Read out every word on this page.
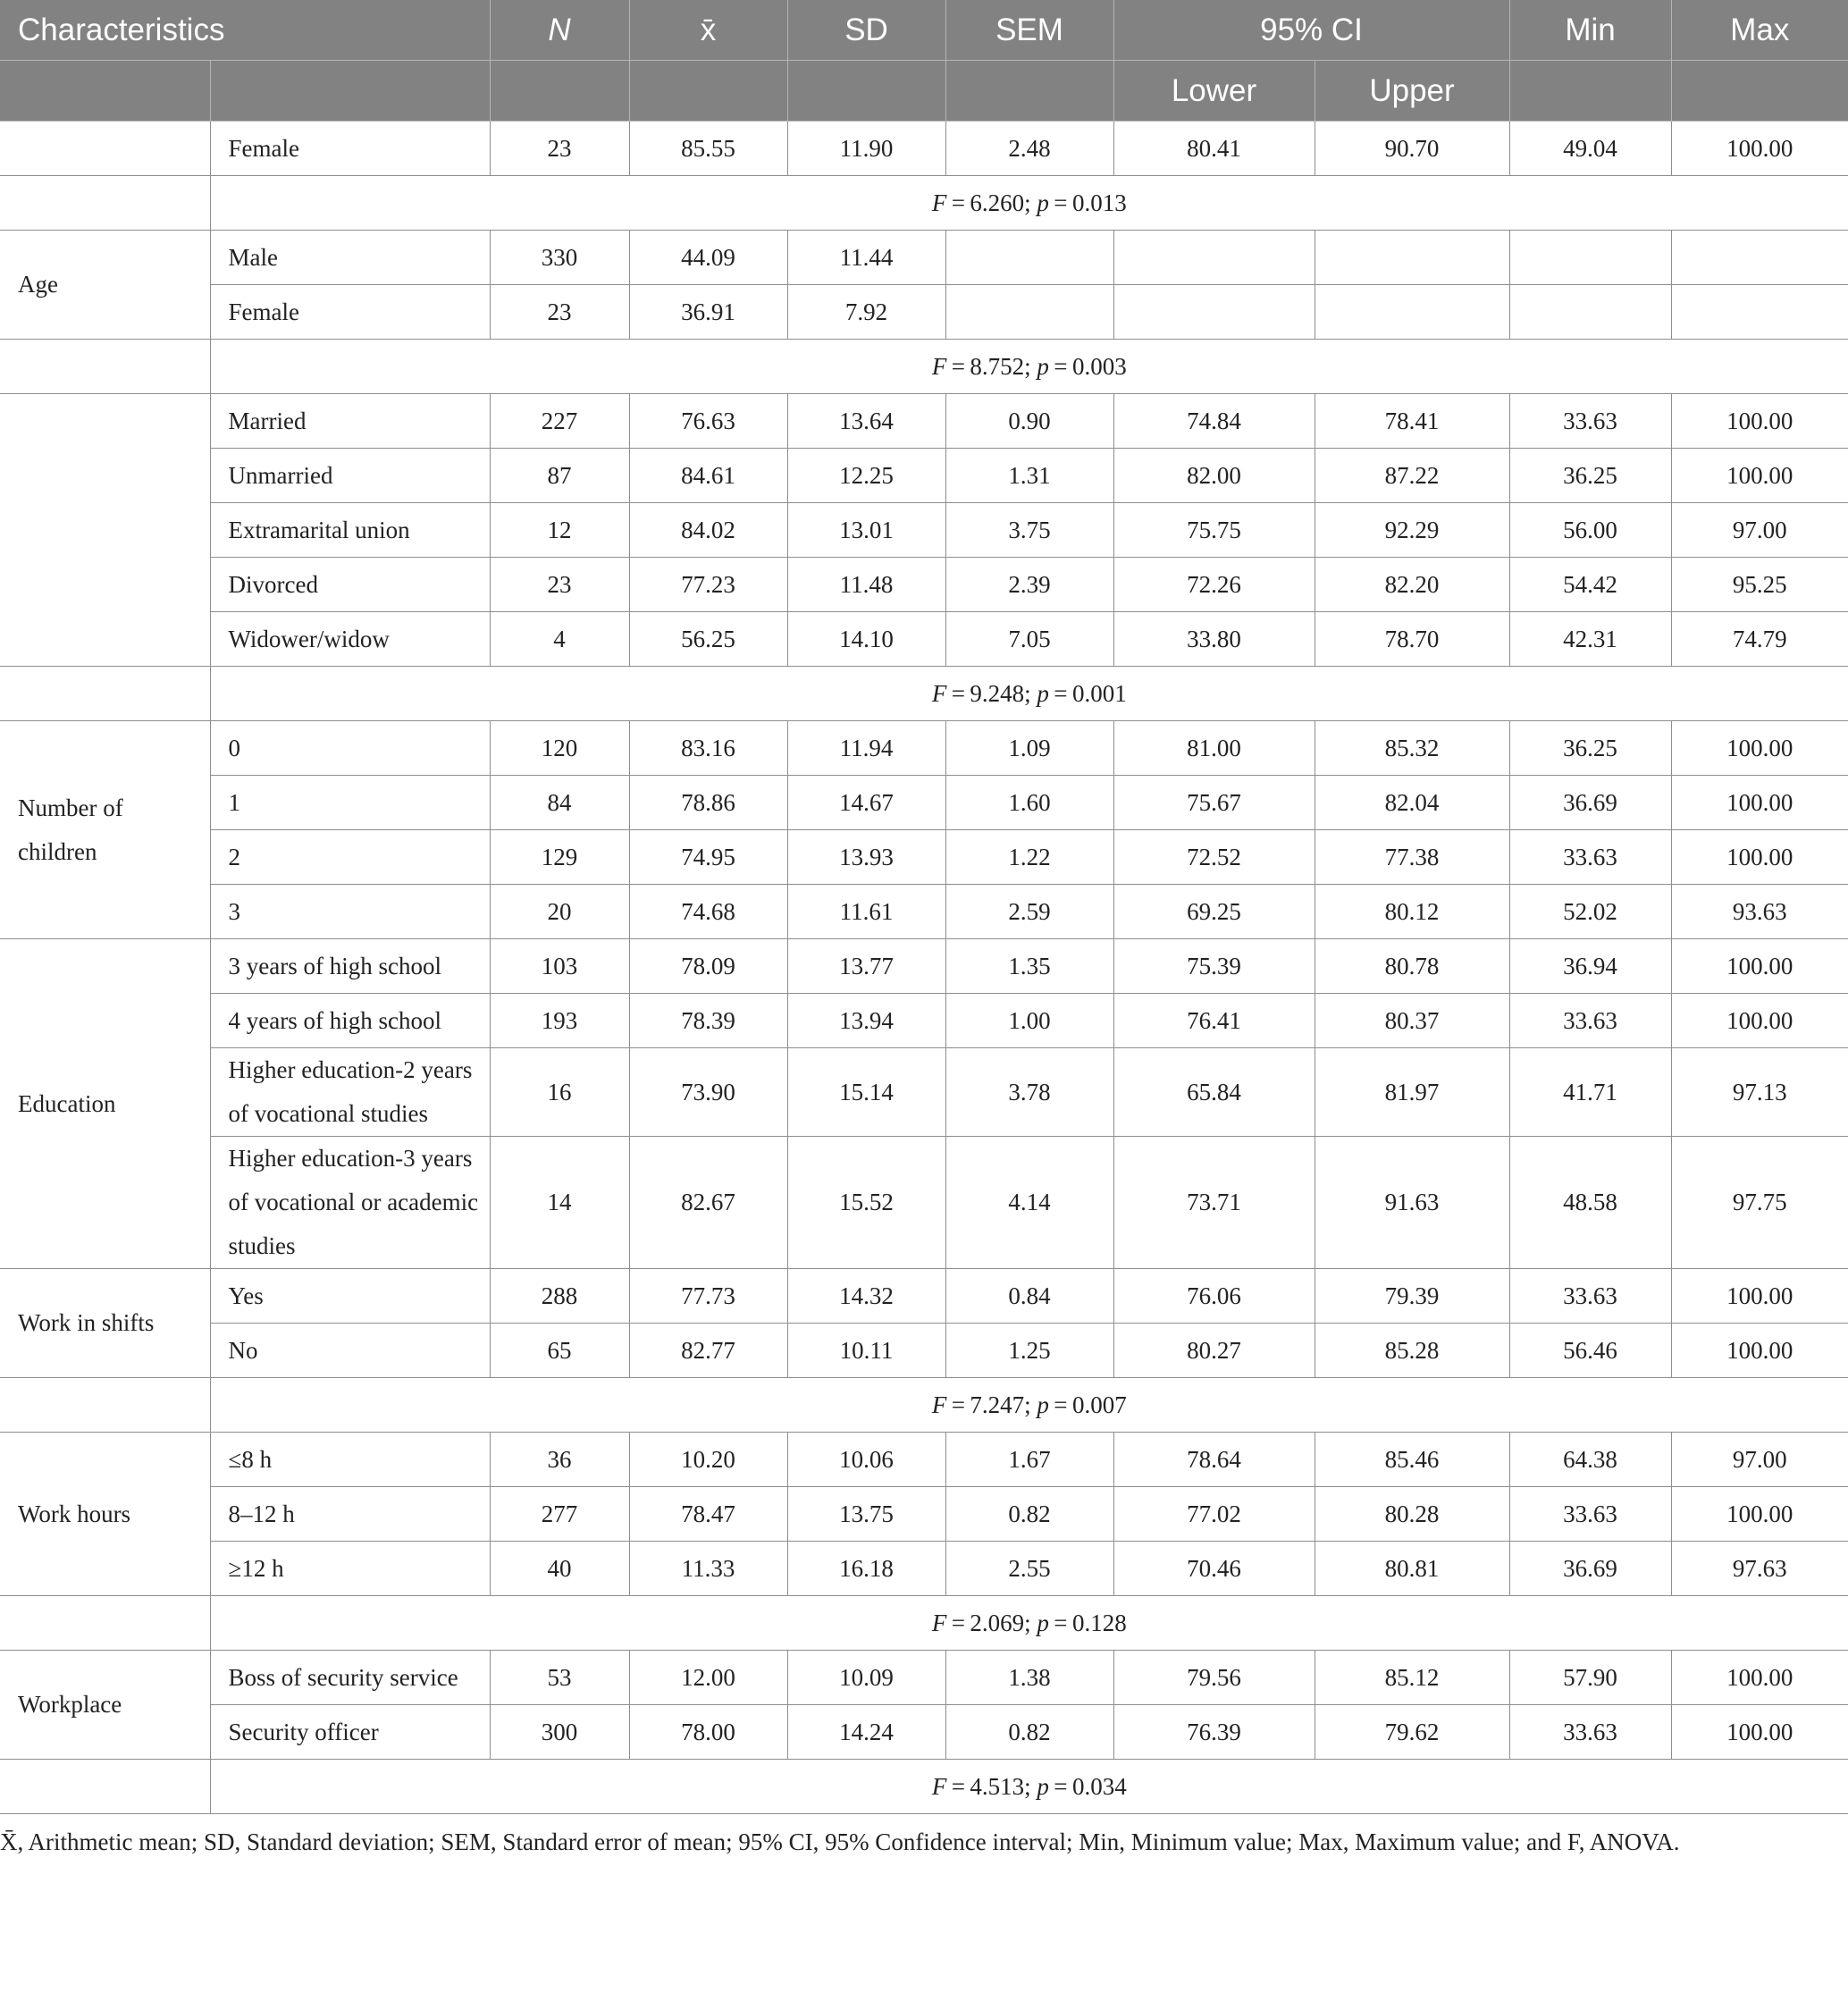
Characteristics		N	x̄	SD	SEM	95% CI		Min	Max
						Lower	Upper		
	Female	23	85.55	11.90	2.48	80.41	90.70	49.04	100.00
	F = 6.260; p = 0.013								
Age	Male	330	44.09	11.44					
	Female	23	36.91	7.92					
	F = 8.752; p = 0.003								
	Married	227	76.63	13.64	0.90	74.84	78.41	33.63	100.00
	Unmarried	87	84.61	12.25	1.31	82.00	87.22	36.25	100.00
	Extramarital union	12	84.02	13.01	3.75	75.75	92.29	56.00	97.00
	Divorced	23	77.23	11.48	2.39	72.26	82.20	54.42	95.25
	Widower/widow	4	56.25	14.10	7.05	33.80	78.70	42.31	74.79
	F = 9.248; p = 0.001								
Number of children	0	120	83.16	11.94	1.09	81.00	85.32	36.25	100.00
	1	84	78.86	14.67	1.60	75.67	82.04	36.69	100.00
	2	129	74.95	13.93	1.22	72.52	77.38	33.63	100.00
	3	20	74.68	11.61	2.59	69.25	80.12	52.02	93.63
Education	3 years of high school	103	78.09	13.77	1.35	75.39	80.78	36.94	100.00
	4 years of high school	193	78.39	13.94	1.00	76.41	80.37	33.63	100.00
	Higher education-2 years of vocational studies	16	73.90	15.14	3.78	65.84	81.97	41.71	97.13
	Higher education-3 years of vocational or academic studies	14	82.67	15.52	4.14	73.71	91.63	48.58	97.75
Work in shifts	Yes	288	77.73	14.32	0.84	76.06	79.39	33.63	100.00
	No	65	82.77	10.11	1.25	80.27	85.28	56.46	100.00
	F = 7.247; p = 0.007								
Work hours	≤8 h	36	10.20	10.06	1.67	78.64	85.46	64.38	97.00
	8–12 h	277	78.47	13.75	0.82	77.02	80.28	33.63	100.00
	≥12 h	40	11.33	16.18	2.55	70.46	80.81	36.69	97.63
	F = 2.069; p = 0.128								
Workplace	Boss of security service	53	12.00	10.09	1.38	79.56	85.12	57.90	100.00
	Security officer	300	78.00	14.24	0.82	76.39	79.62	33.63	100.00
	F = 4.513; p = 0.034								
X̄, Arithmetic mean; SD, Standard deviation; SEM, Standard error of mean; 95% CI, 95% Confidence interval; Min, Minimum value; Max, Maximum value; and F, ANOVA.
